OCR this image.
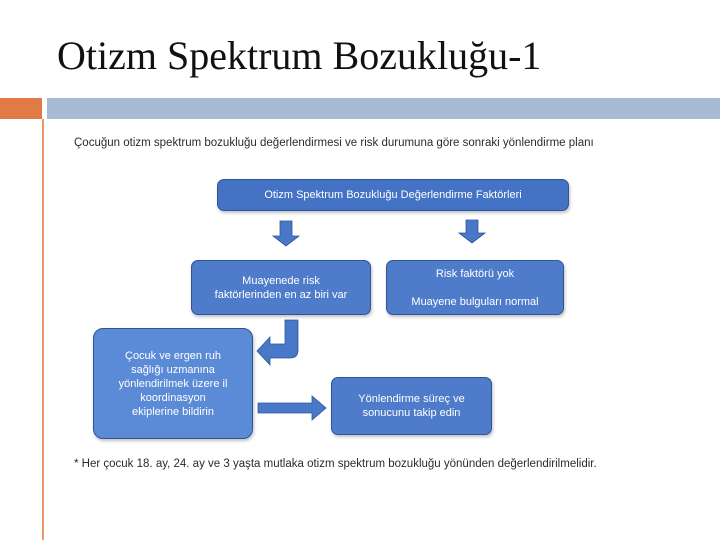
Otizm Spektrum Bozukluğu-1
Çocuğun otizm spektrum bozukluğu değerlendirmesi ve risk durumuna göre sonraki yönlendirme planı
Otizm Spektrum Bozukluğu Değerlendirme Faktörleri
Muayenede risk
faktörlerinden en az biri var
Risk faktörü yok
Muayene bulguları normal
Çocuk ve ergen ruh
sağlığı uzmanına
yönlendirilmek üzere il
koordinasyon
ekiplerine bildirin
Yönlendirme süreç ve
sonucunu takip edin
* Her çocuk 18. ay, 24. ay ve 3 yaşta mutlaka otizm spektrum bozukluğu yönünden değerlendirilmelidir.
